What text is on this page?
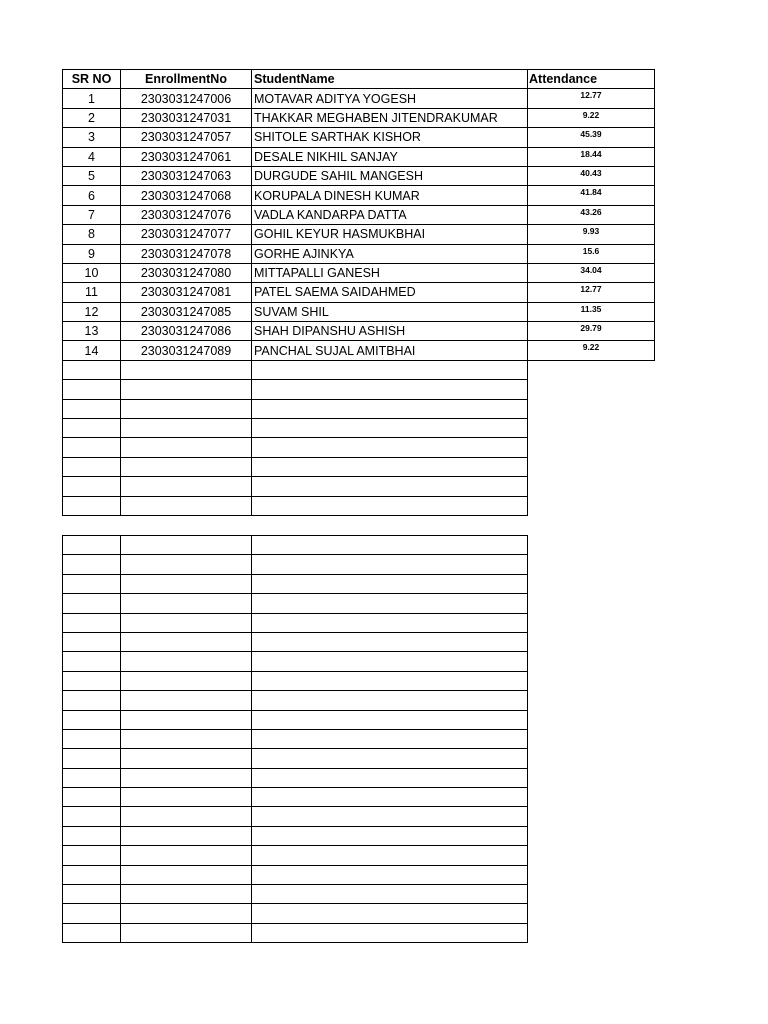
SR NO	EnrollmentNo	StudentName	Attendance
1	2303031247006	MOTAVAR ADITYA YOGESH	12.77
2	2303031247031	THAKKAR MEGHABEN JITENDRAKUMAR	9.22
3	2303031247057	SHITOLE SARTHAK KISHOR	45.39
4	2303031247061	DESALE NIKHIL SANJAY	18.44
5	2303031247063	DURGUDE SAHIL MANGESH	40.43
6	2303031247068	KORUPALA DINESH KUMAR	41.84
7	2303031247076	VADLA KANDARPA DATTA	43.26
8	2303031247077	GOHIL KEYUR HASMUKBHAI	9.93
9	2303031247078	GORHE AJINKYA	15.6
10	2303031247080	MITTAPALLI GANESH	34.04
11	2303031247081	PATEL SAEMA SAIDAHMED	12.77
12	2303031247085	SUVAM SHIL	11.35
13	2303031247086	SHAH DIPANSHU ASHISH	29.79
14	2303031247089	PANCHAL SUJAL AMITBHAI	9.22
